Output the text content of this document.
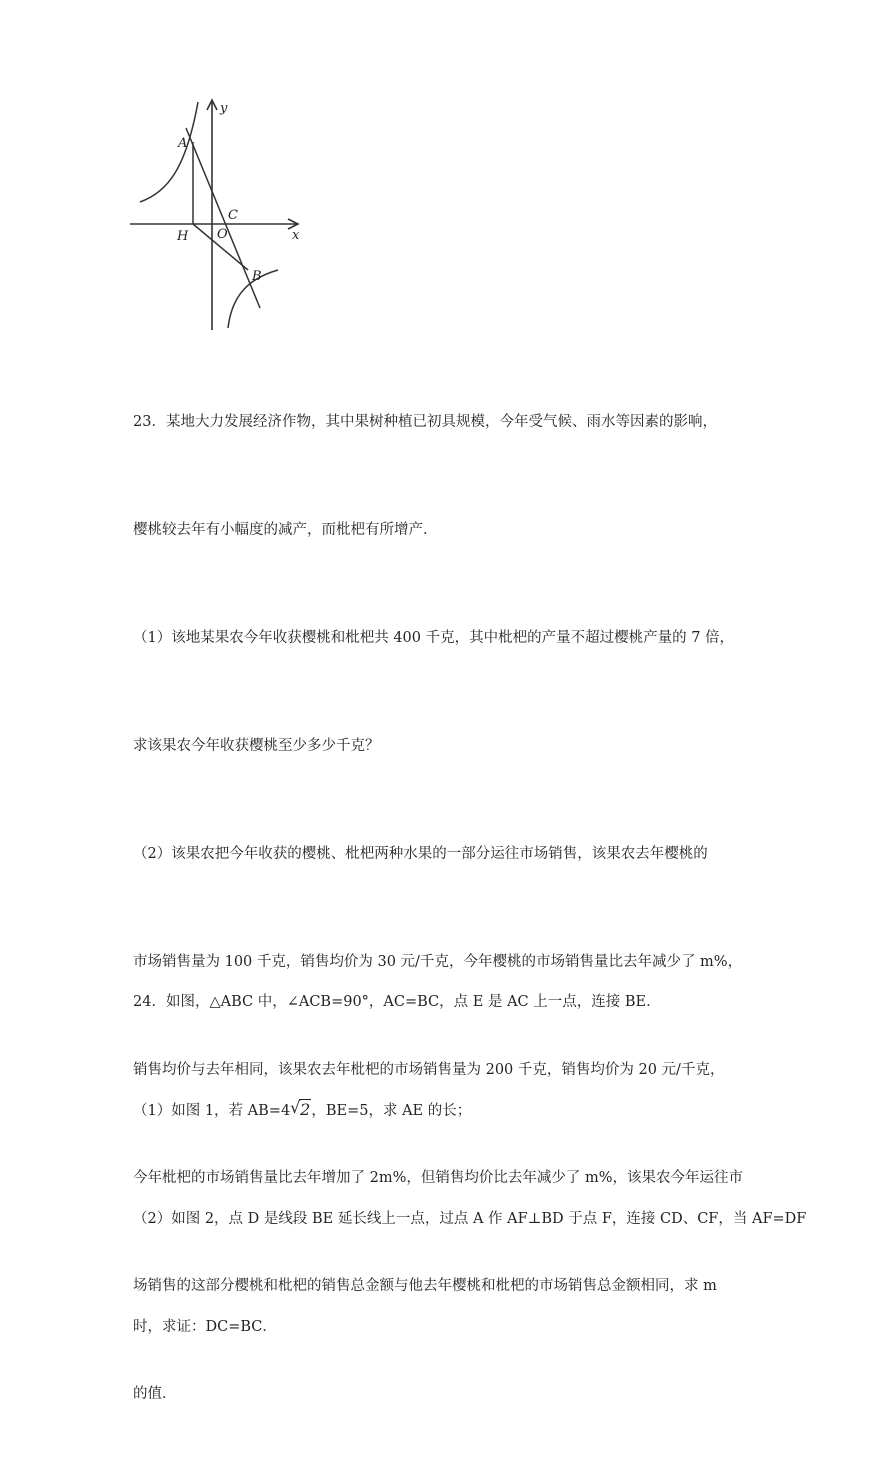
y
x
A
C
H O
B

23．某地大力发展经济作物，其中果树种植已初具规模，今年受气候、雨水等因素的影响，

樱桃较去年有小幅度的减产，而枇杷有所增产．

（1）该地某果农今年收获樱桃和枇杷共 400 千克，其中枇杷的产量不超过樱桃产量的 7 倍，

求该果农今年收获樱桃至少多少千克？

（2）该果农把今年收获的樱桃、枇杷两种水果的一部分运往市场销售，该果农去年樱桃的

市场销售量为 100 千克，销售均价为 30 元/千克，今年樱桃的市场销售量比去年减少了 m%，

销售均价与去年相同，该果农去年枇杷的市场销售量为 200 千克，销售均价为 20 元/千克，

今年枇杷的市场销售量比去年增加了 2m%，但销售均价比去年减少了 m%，该果农今年运往市

场销售的这部分樱桃和枇杷的销售总金额与他去年樱桃和枇杷的市场销售总金额相同，求 m

的值．

24．如图，△ABC 中，∠ACB=90°，AC=BC，点 E 是 AC 上一点，连接 BE．

（1）如图 1，若 AB=4 √ 2，BE=5，求 AE 的长；

（2）如图 2，点 D 是线段 BE 延长线上一点，过点 A 作 AF⊥BD 于点 F，连接 CD、CF，当 AF=DF

时，求证：DC=BC．
